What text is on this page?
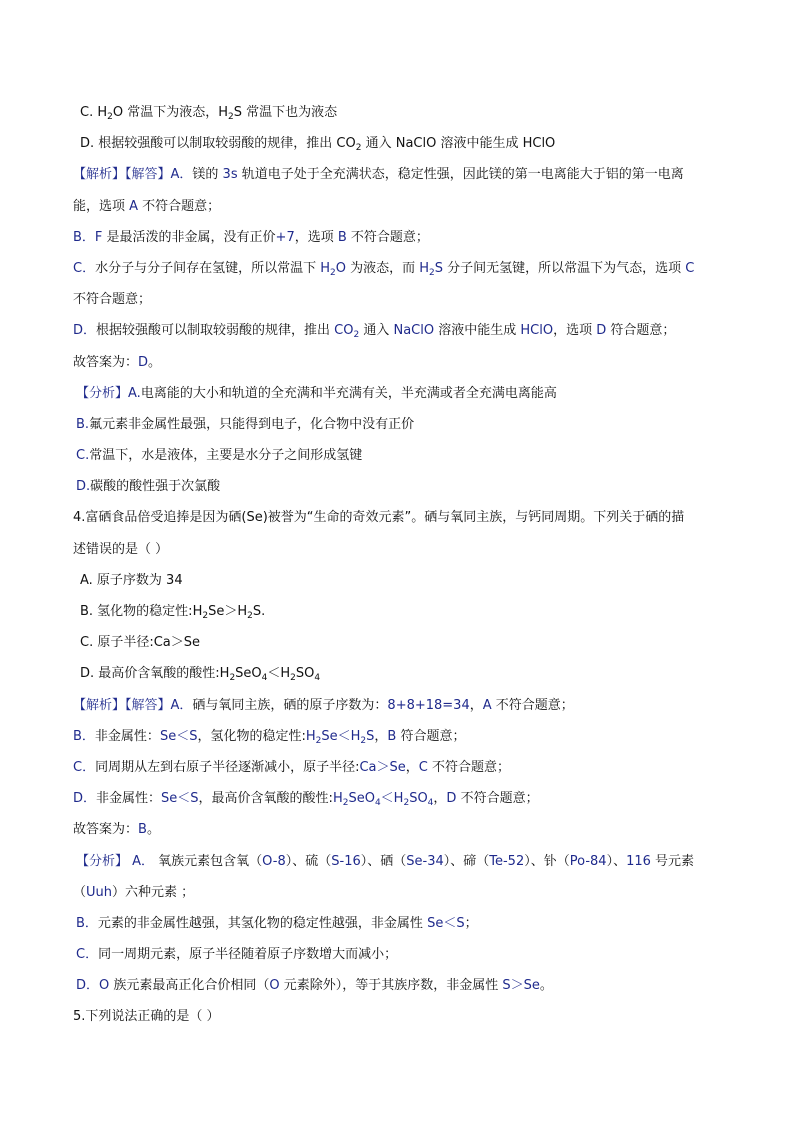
C. $H_2O$ 常温下为液态，$H_2S$ 常温下也为液态
D. 根据较强酸可以制取较弱酸的规律，推出 $CO_2$ 通入 NaClO 溶液中能生成 HClO
【解析】【解答】A．镁的 3s 轨道电子处于全充满状态，稳定性强，因此镁的第一电离能大于铝的第一电离
能，选项 A 不符合题意；
B．F 是最活泼的非金属，没有正价+7，选项 B 不符合题意；
C．水分子与分子间存在氢键，所以常温下 $H_2O$ 为液态，而 $H_2S$ 分子间无氢键，所以常温下为气态，选项 C
不符合题意；
D．根据较强酸可以制取较弱酸的规律，推出 $CO_2$ 通入 NaClO 溶液中能生成 HClO，选项 D 符合题意；
故答案为：D。
【分析】A.电离能的大小和轨道的全充满和半充满有关，半充满或者全充满电离能高
B.氟元素非金属性最强，只能得到电子，化合物中没有正价
C.常温下，水是液体，主要是水分子之间形成氢键
D.碳酸的酸性强于次氯酸
4.富硒食品倍受追捧是因为硒(Se)被誉为“生命的奇效元素”。硒与氧同主族，与钙同周期。下列关于硒的描
述错误的是（ ）
A. 原子序数为 34
B. 氢化物的稳定性$:H_2Se>H_2S$.
C. 原子半径:Ca＞Se
D. 最高价含氧酸的酸性$:H_2SeO_4<H_2SO_4$
【解析】【解答】A．硒与氧同主族，硒的原子序数为：8+8+18=34，A 不符合题意；
B．非金属性：Se＜S，氢化物的稳定性$:H_2Se<H_2S$，B 符合题意；
C．同周期从左到右原子半径逐渐减小，原子半径:Ca＞Se，C 不符合题意；
D．非金属性：Se＜S，最高价含氧酸的酸性$:H_2SeO_4<H_2SO_4$，D 不符合题意；
故答案为：B。
【分析】 A． 氧族元素包含氧（O-8）、硫（S-16）、硒（Se-34）、碲（Te-52）、钋（Po-84）、116 号元素
（Uuh）六种元素 ；
B．元素的非金属性越强，其氢化物的稳定性越强，非金属性 Se＜S；
C．同一周期元素，原子半径随着原子序数增大而减小；
D．O 族元素最高正化合价相同（O 元素除外），等于其族序数，非金属性 S＞Se。
5.下列说法正确的是（ ）
